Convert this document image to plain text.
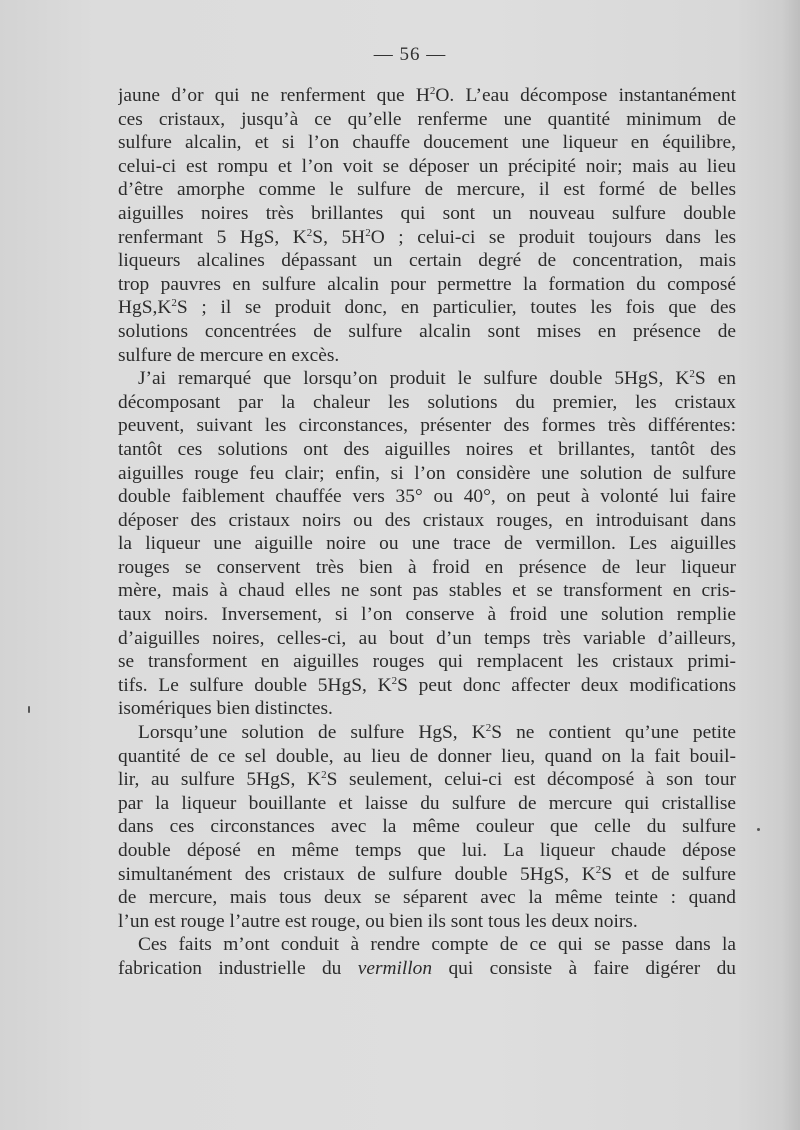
— 56 —
jaune d’or qui ne renferment que $H^2O$. L’eau décompose instantanément
ces cristaux, jusqu’à ce qu’elle renferme une quantité minimum de
sulfure alcalin, et si l’on chauffe doucement une liqueur en équilibre,
celui-ci est rompu et l’on voit se déposer un précipité noir; mais au lieu
d’être amorphe comme le sulfure de mercure, il est formé de belles
aiguilles noires très brillantes qui sont un nouveau sulfure double
renfermant 5 HgS, $K^2S$, $5H^2O$ ; celui-ci se produit toujours dans les
liqueurs alcalines dépassant un certain degré de concentration, mais
trop pauvres en sulfure alcalin pour permettre la formation du composé
$HgS,K^2S$ ; il se produit donc, en particulier, toutes les fois que des
solutions concentrées de sulfure alcalin sont mises en présence de
sulfure de mercure en excès.
J’ai remarqué que lorsqu’on produit le sulfure double 5HgS, $K^2S$ en
décomposant par la chaleur les solutions du premier, les cristaux
peuvent, suivant les circonstances, présenter des formes très différentes:
tantôt ces solutions ont des aiguilles noires et brillantes, tantôt des
aiguilles rouge feu clair; enfin, si l’on considère une solution de sulfure
double faiblement chauffée vers 35° ou 40°, on peut à volonté lui faire
déposer des cristaux noirs ou des cristaux rouges, en introduisant dans
la liqueur une aiguille noire ou une trace de vermillon. Les aiguilles
rouges se conservent très bien à froid en présence de leur liqueur
mère, mais à chaud elles ne sont pas stables et se transforment en cris-
taux noirs. Inversement, si l’on conserve à froid une solution remplie
d’aiguilles noires, celles-ci, au bout d’un temps très variable d’ailleurs,
se transforment en aiguilles rouges qui remplacent les cristaux primi-
tifs. Le sulfure double 5HgS, $K^2S$ peut donc affecter deux modifications
isomériques bien distinctes.
Lorsqu’une solution de sulfure HgS, $K^2S$ ne contient qu’une petite
quantité de ce sel double, au lieu de donner lieu, quand on la fait bouil-
lir, au sulfure 5HgS, $K^2S$ seulement, celui-ci est décomposé à son tour
par la liqueur bouillante et laisse du sulfure de mercure qui cristallise
dans ces circonstances avec la même couleur que celle du sulfure
double déposé en même temps que lui. La liqueur chaude dépose
simultanément des cristaux de sulfure double 5HgS, $K^2S$ et de sulfure
de mercure, mais tous deux se séparent avec la même teinte : quand
l’un est rouge l’autre est rouge, ou bien ils sont tous les deux noirs.
Ces faits m’ont conduit à rendre compte de ce qui se passe dans la
fabrication industrielle du vermillon qui consiste à faire digérer du
